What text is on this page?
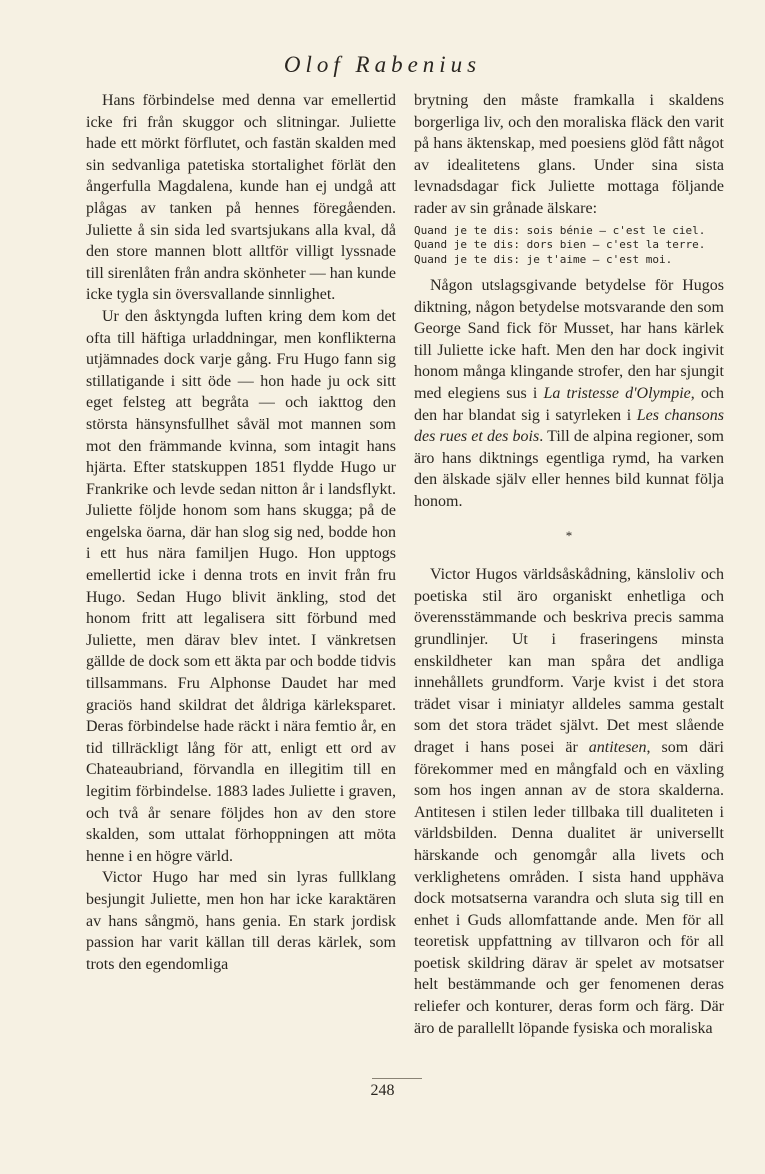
Olof Rabenius

Hans förbindelse med denna var emellertid icke fri från skuggor och slitningar. Juliette hade ett mörkt förflutet, och fastän skalden med sin sedvanliga patetiska stortalighet förlät den ångerfulla Magdalena, kunde han ej undgå att plågas av tanken på hennes föregåenden. Juliette å sin sida led svartsjukans alla kval, då den store mannen blott alltför villigt lyssnade till sirenlåten från andra skönheter — han kunde icke tygla sin översvallande sinnlighet.

Ur den åsktyngda luften kring dem kom det ofta till häftiga urladdningar, men konflikterna utjämnades dock varje gång. Fru Hugo fann sig stillatigande i sitt öde — hon hade ju ock sitt eget felsteg att begråta — och iakttog den största hänsynsfullhet såväl mot mannen som mot den främmande kvinna, som intagit hans hjärta. Efter statskuppen 1851 flydde Hugo ur Frankrike och levde sedan nitton år i landsflykt. Juliette följde honom som hans skugga; på de engelska öarna, där han slog sig ned, bodde hon i ett hus nära familjen Hugo. Hon upptogs emellertid icke i denna trots en invit från fru Hugo. Sedan Hugo blivit änkling, stod det honom fritt att legalisera sitt förbund med Juliette, men därav blev intet. I vänkretsen gällde de dock som ett äkta par och bodde tidvis tillsammans. Fru Alphonse Daudet har med graciös hand skildrat det åldriga kärleksparet. Deras förbindelse hade räckt i nära femtio år, en tid tillräckligt lång för att, enligt ett ord av Chateaubriand, förvandla en illegitim till en legitim förbindelse. 1883 lades Juliette i graven, och två år senare följdes hon av den store skalden, som uttalat förhoppningen att möta henne i en högre värld.

Victor Hugo har med sin lyras fullklang besjungit Juliette, men hon har icke karaktären av hans sångmö, hans genia. En stark jordisk passion har varit källan till deras kärlek, som trots den egendomliga

brytning den måste framkalla i skaldens borgerliga liv, och den moraliska fläck den varit på hans äktenskap, med poesiens glöd fått något av idealitetens glans. Under sina sista levnadsdagar fick Juliette mottaga följande rader av sin grånade älskare:

Quand je te dis: sois bénie — c'est le ciel.
Quand je te dis: dors bien — c'est la terre.
Quand je te dis: je t'aime — c'est moi.

Någon utslagsgivande betydelse för Hugos diktning, någon betydelse motsvarande den som George Sand fick för Musset, har hans kärlek till Juliette icke haft. Men den har dock ingivit honom många klingande strofer, den har sjungit med elegiens sus i La tristesse d'Olympie, och den har blandat sig i satyrleken i Les chansons des rues et des bois. Till de alpina regioner, som äro hans diktnings egentliga rymd, ha varken den älskade själv eller hennes bild kunnat följa honom.

*

Victor Hugos världsåskådning, känsloliv och poetiska stil äro organiskt enhetliga och överensstämmande och beskriva precis samma grundlinjer. Ut i fraseringens minsta enskildheter kan man spåra det andliga innehållets grundform. Varje kvist i det stora trädet visar i miniatyr alldeles samma gestalt som det stora trädet självt. Det mest slående draget i hans posei är antitesen, som däri förekommer med en mångfald och en växling som hos ingen annan av de stora skalderna. Antitesen i stilen leder tillbaka till dualiteten i världsbilden. Denna dualitet är universellt härskande och genomgår alla livets och verklighetens områden. I sista hand upphäva dock motsatserna varandra och sluta sig till en enhet i Guds allomfattande ande. Men för all teoretisk uppfattning av tillvaron och för all poetisk skildring därav är spelet av motsatser helt bestämmande och ger fenomenen deras reliefer och konturer, deras form och färg. Där äro de parallellt löpande fysiska och moraliska

248
